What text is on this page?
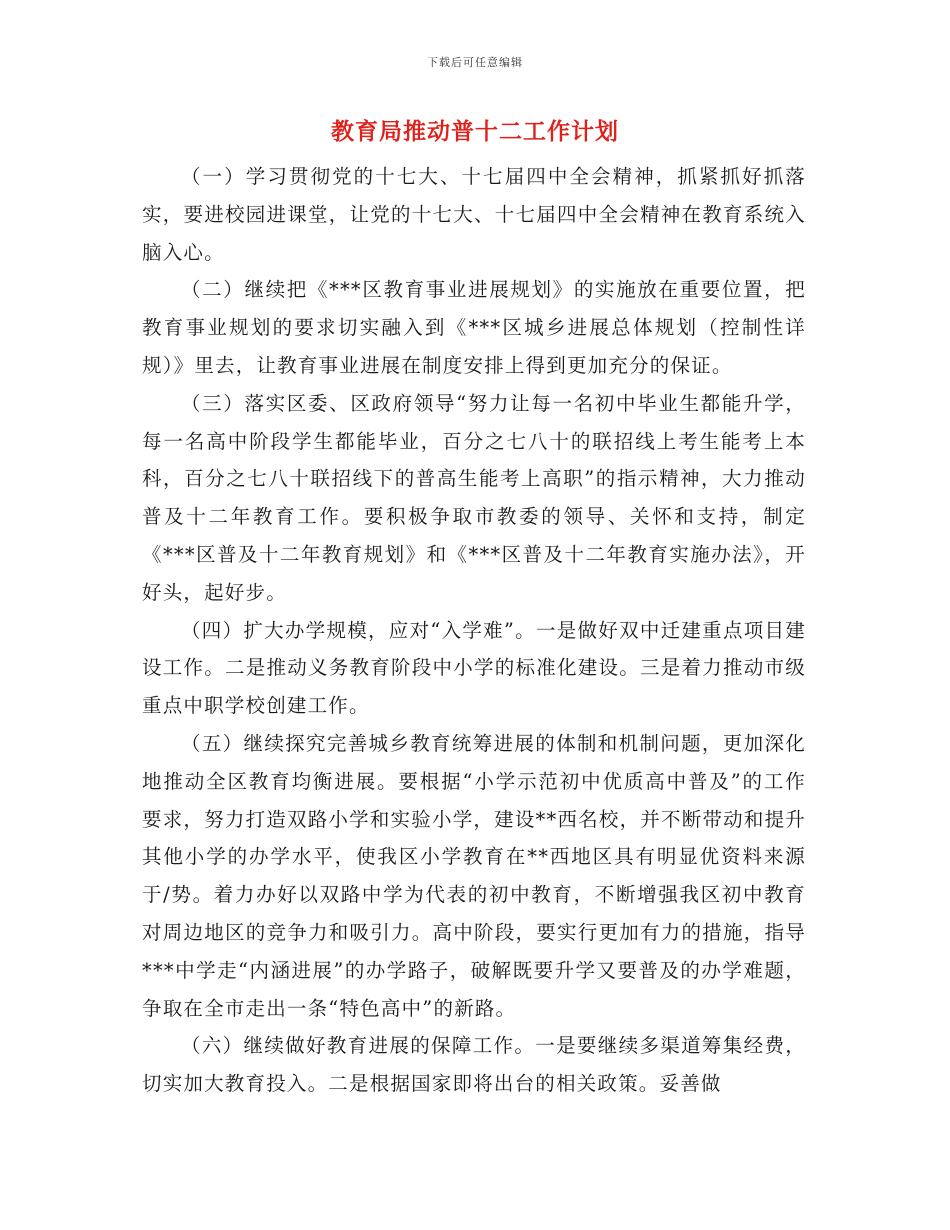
下载后可任意编辑
教育局推动普十二工作计划

（一）学习贯彻党的十七大、十七届四中全会精神，抓紧抓好抓落实，要进校园进课堂，让党的十七大、十七届四中全会精神在教育系统入脑入心。

（二）继续把《***区教育事业进展规划》的实施放在重要位置，把教育事业规划的要求切实融入到《***区城乡进展总体规划（控制性详规）》里去，让教育事业进展在制度安排上得到更加充分的保证。

（三）落实区委、区政府领导“努力让每一名初中毕业生都能升学，每一名高中阶段学生都能毕业，百分之七八十的联招线上考生能考上本科，百分之七八十联招线下的普高生能考上高职”的指示精神，大力推动普及十二年教育工作。要积极争取市教委的领导、关怀和支持，制定《***区普及十二年教育规划》和《***区普及十二年教育实施办法》，开好头，起好步。

（四）扩大办学规模，应对“入学难”。一是做好双中迁建重点项目建设工作。二是推动义务教育阶段中小学的标准化建设。三是着力推动市级重点中职学校创建工作。

（五）继续探究完善城乡教育统筹进展的体制和机制问题，更加深化地推动全区教育均衡进展。要根据“小学示范初中优质高中普及”的工作要求，努力打造双路小学和实验小学，建设**西名校，并不断带动和提升其他小学的办学水平，使我区小学教育在**西地区具有明显优资料来源于/势。着力办好以双路中学为代表的初中教育，不断增强我区初中教育对周边地区的竞争力和吸引力。高中阶段，要实行更加有力的措施，指导***中学走“内涵进展”的办学路子，破解既要升学又要普及的办学难题，争取在全市走出一条“特色高中”的新路。

（六）继续做好教育进展的保障工作。一是要继续多渠道筹集经费，切实加大教育投入。二是根据国家即将出台的相关政策。妥善做
